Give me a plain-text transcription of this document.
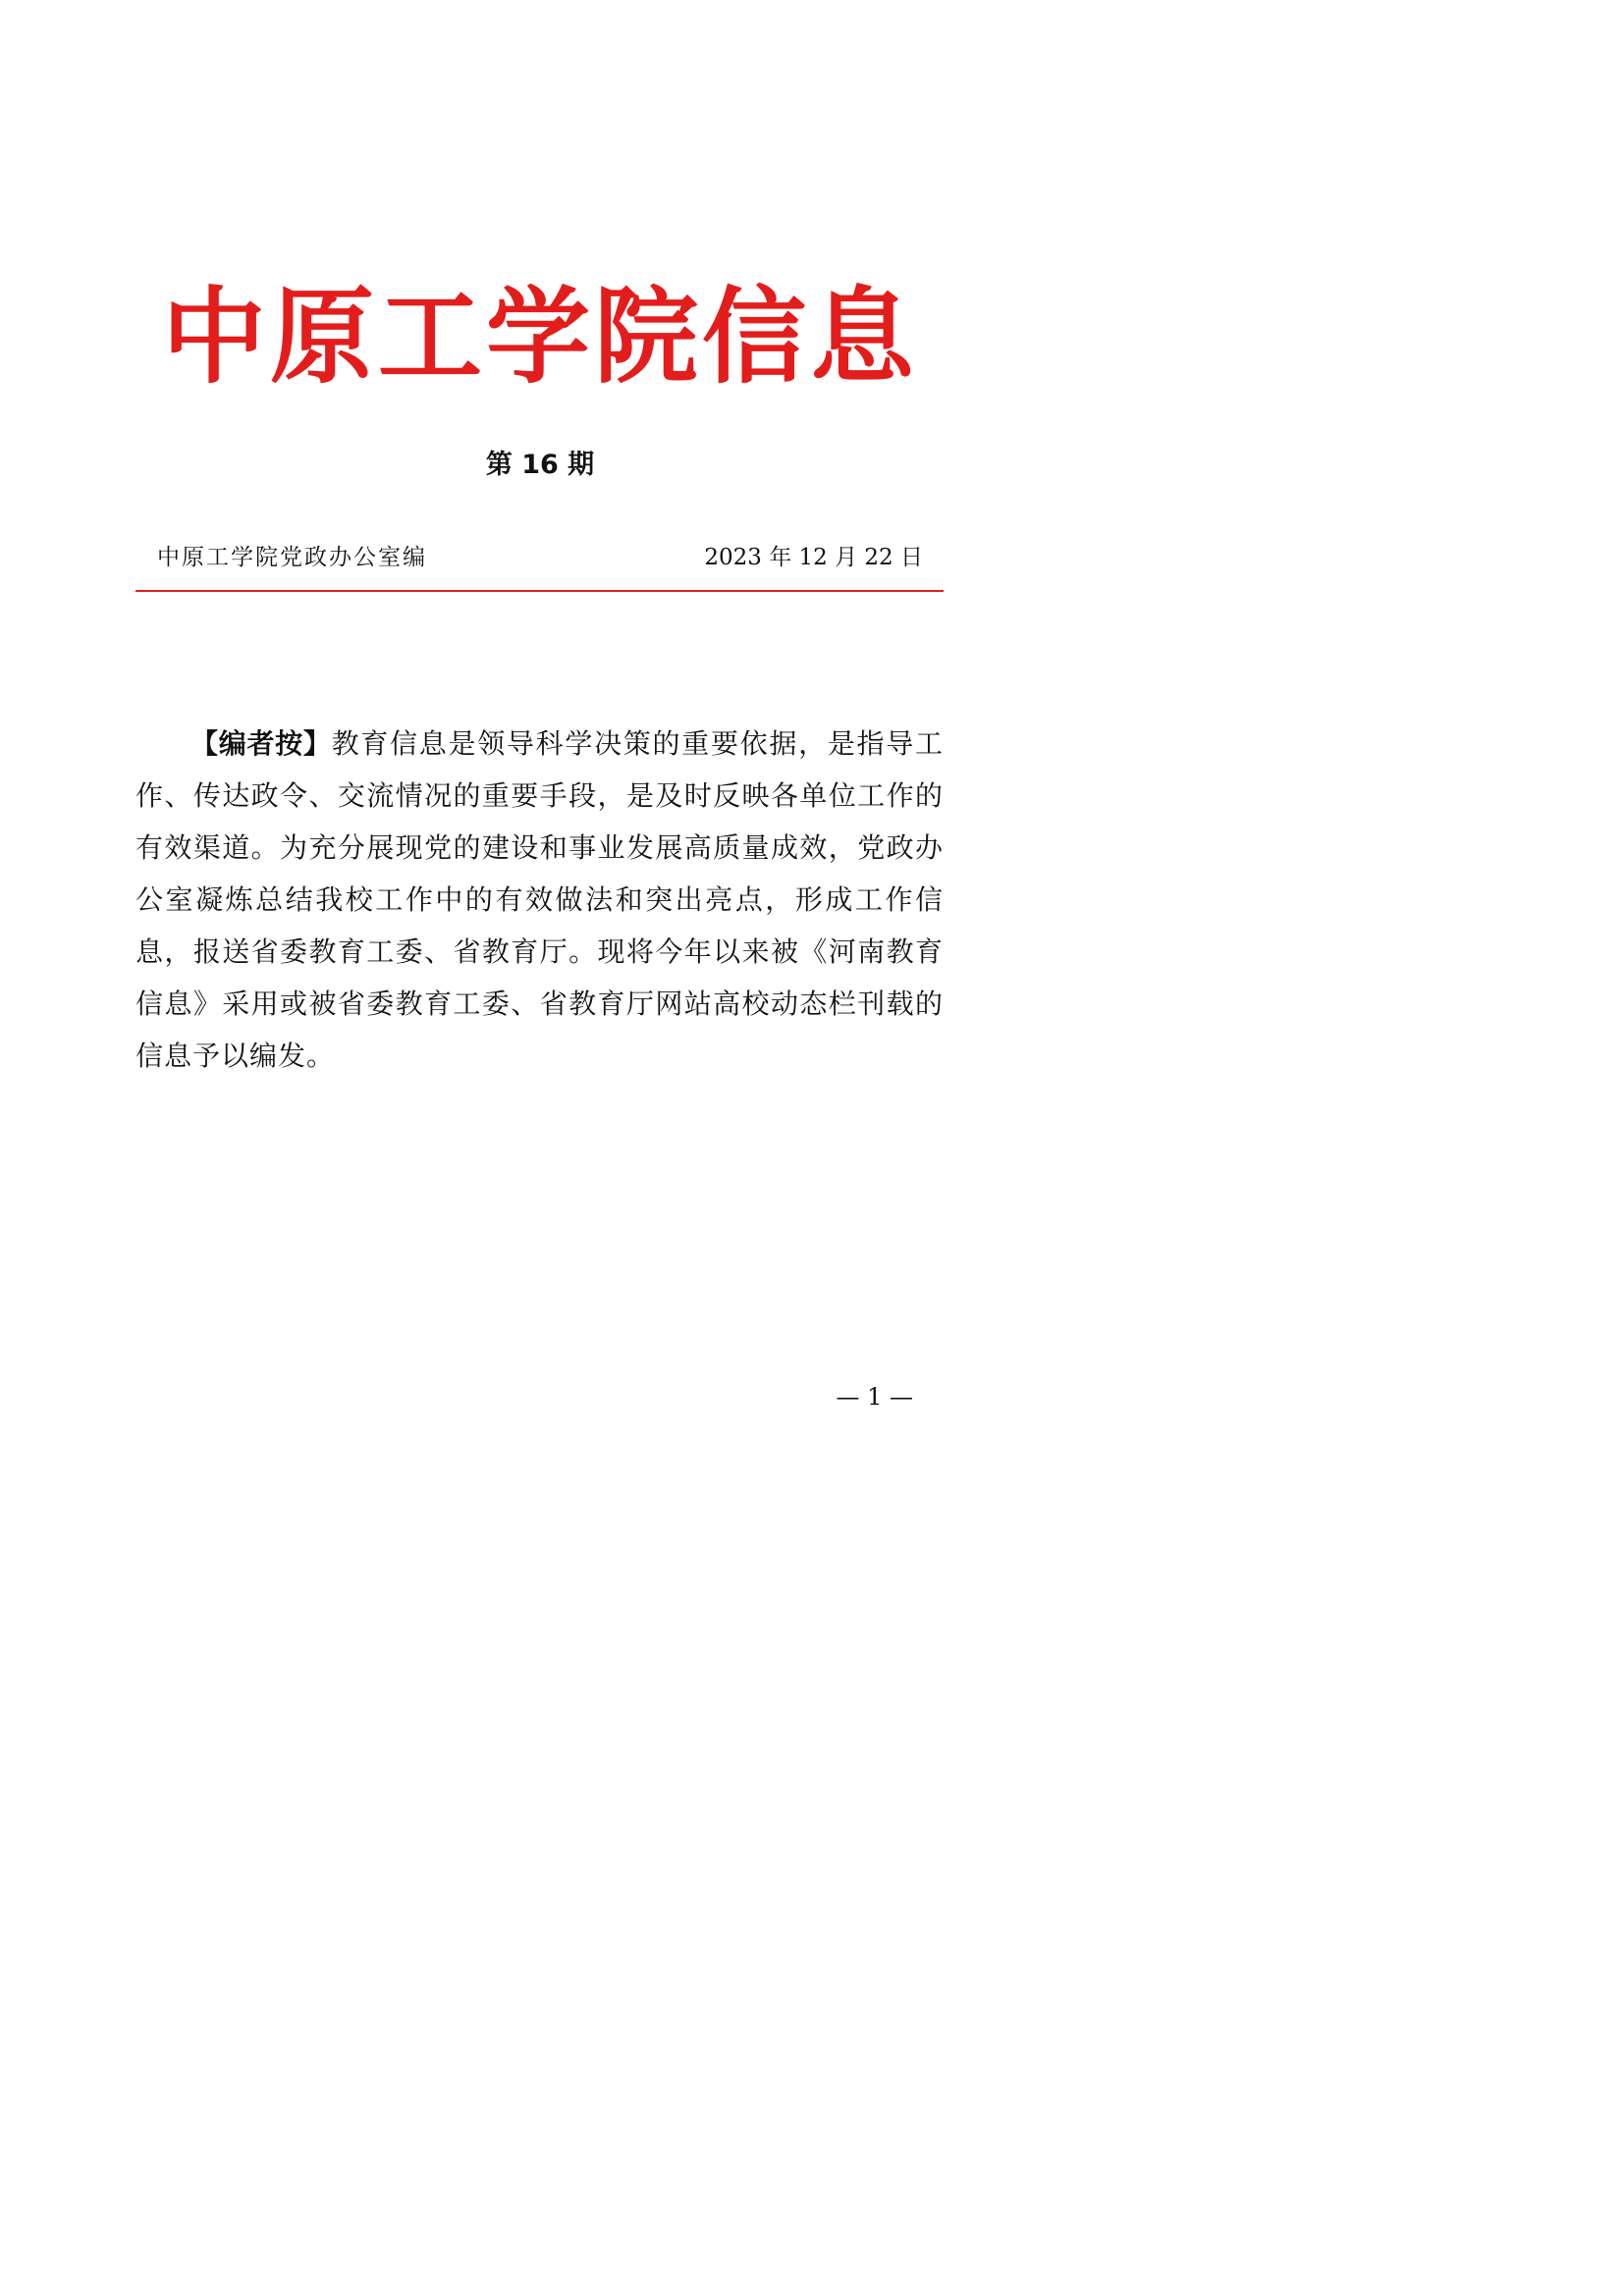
中原工学院信息
第 16 期
中原工学院党政办公室编	2023 年 12 月 22 日

【编者按】教育信息是领导科学决策的重要依据，是指导工作、传达政令、交流情况的重要手段，是及时反映各单位工作的有效渠道。为充分展现党的建设和事业发展高质量成效，党政办公室凝炼总结我校工作中的有效做法和突出亮点，形成工作信息，报送省委教育工委、省教育厅。现将今年以来被《河南教育信息》采用或被省委教育工委、省教育厅网站高校动态栏刊载的信息予以编发。

— 1 —
